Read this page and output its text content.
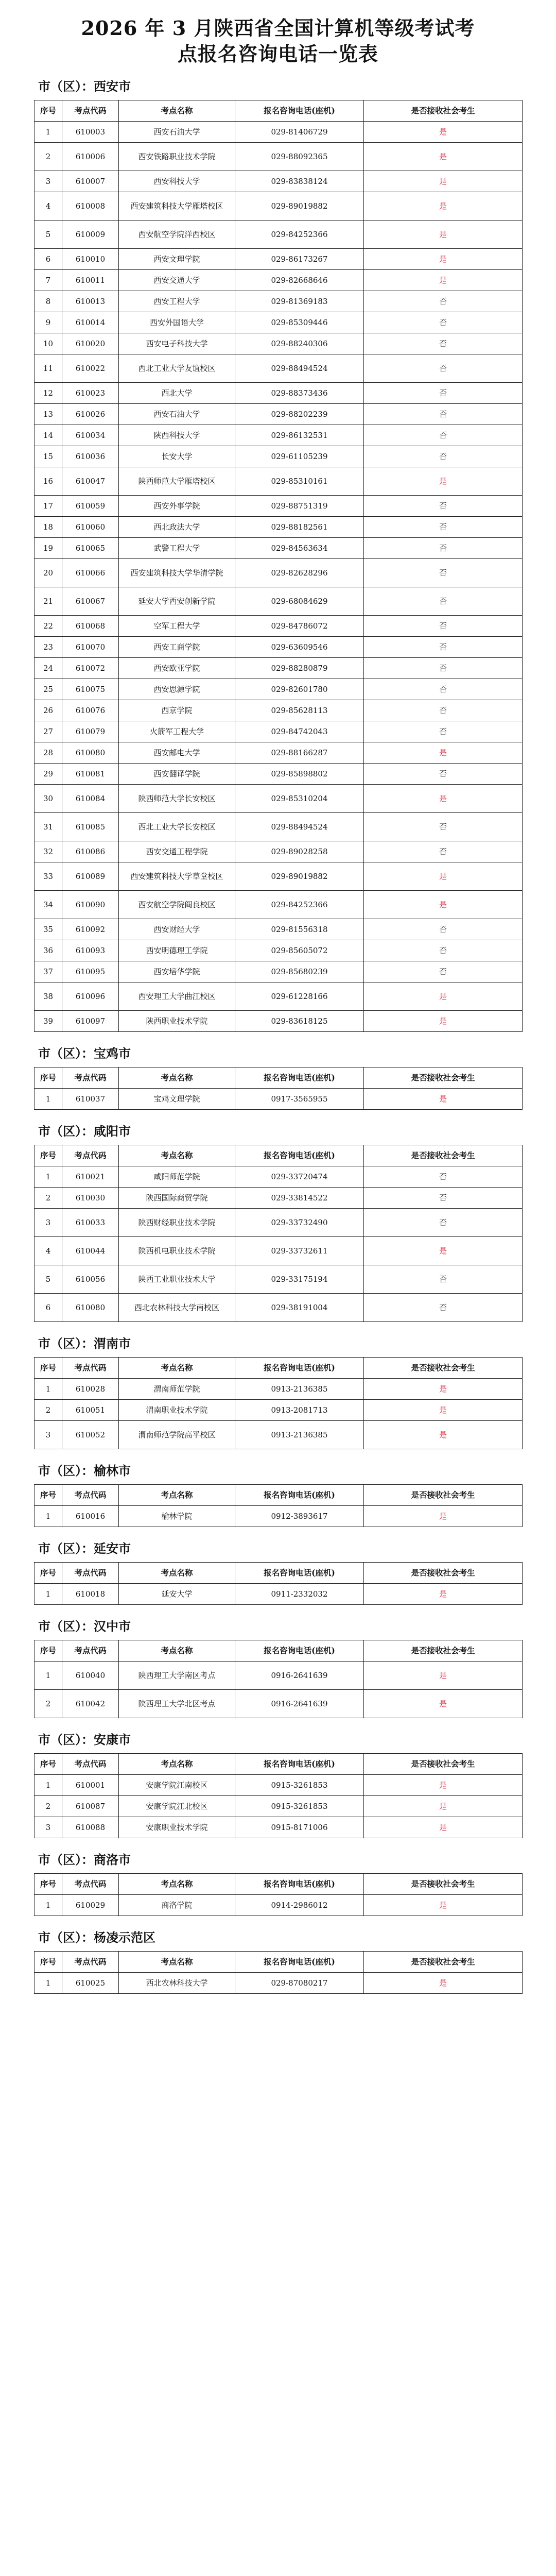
2026 年 3 月陕西省全国计算机等级考试考
点报名咨询电话一览表
市（区）：西安市
序号	考点代码	考点名称	报名咨询电话(座机)	是否接收社会考生
1	610003	西安石油大学	029-81406729	是
2	610006	西安铁路职业技术学院	029-88092365	是
3	610007	西安科技大学	029-83838124	是
4	610008	西安建筑科技大学雁塔校区	029-89019882	是
5	610009	西安航空学院洋西校区	029-84252366	是
6	610010	西安文理学院	029-86173267	是
7	610011	西安交通大学	029-82668646	是
8	610013	西安工程大学	029-81369183	否
9	610014	西安外国语大学	029-85309446	否
10	610020	西安电子科技大学	029-88240306	否
11	610022	西北工业大学友谊校区	029-88494524	否
12	610023	西北大学	029-88373436	否
13	610026	西安石油大学	029-88202239	否
14	610034	陕西科技大学	029-86132531	否
15	610036	长安大学	029-61105239	否
16	610047	陕西师范大学雁塔校区	029-85310161	是
17	610059	西安外事学院	029-88751319	否
18	610060	西北政法大学	029-88182561	否
19	610065	武警工程大学	029-84563634	否
20	610066	西安建筑科技大学华清学院	029-82628296	否
21	610067	延安大学西安创新学院	029-68084629	否
22	610068	空军工程大学	029-84786072	否
23	610070	西安工商学院	029-63609546	否
24	610072	西安欧亚学院	029-88280879	否
25	610075	西安思源学院	029-82601780	否
26	610076	西京学院	029-85628113	否
27	610079	火箭军工程大学	029-84742043	否
28	610080	西安邮电大学	029-88166287	是
29	610081	西安翻译学院	029-85898802	否
30	610084	陕西师范大学长安校区	029-85310204	是
31	610085	西北工业大学长安校区	029-88494524	否
32	610086	西安交通工程学院	029-89028258	否
33	610089	西安建筑科技大学草堂校区	029-89019882	是
34	610090	西安航空学院阎良校区	029-84252366	是
35	610092	西安财经大学	029-81556318	否
36	610093	西安明德理工学院	029-85605072	否
37	610095	西安培华学院	029-85680239	否
38	610096	西安理工大学曲江校区	029-61228166	是
39	610097	陕西职业技术学院	029-83618125	是
市（区）：宝鸡市
序号	考点代码	考点名称	报名咨询电话(座机)	是否接收社会考生
1	610037	宝鸡文理学院	0917-3565955	是
市（区）：咸阳市
序号	考点代码	考点名称	报名咨询电话(座机)	是否接收社会考生
1	610021	咸阳师范学院	029-33720474	否
2	610030	陕西国际商贸学院	029-33814522	否
3	610033	陕西财经职业技术学院	029-33732490	否
4	610044	陕西机电职业技术学院	029-33732611	是
5	610056	陕西工业职业技术大学	029-33175194	否
6	610080	西北农林科技大学南校区	029-38191004	否
市（区）：渭南市
序号	考点代码	考点名称	报名咨询电话(座机)	是否接收社会考生
1	610028	渭南师范学院	0913-2136385	是
2	610051	渭南职业技术学院	0913-2081713	是
3	610052	渭南师范学院高平校区	0913-2136385	是
市（区）：榆林市
序号	考点代码	考点名称	报名咨询电话(座机)	是否接收社会考生
1	610016	榆林学院	0912-3893617	是
市（区）：延安市
序号	考点代码	考点名称	报名咨询电话(座机)	是否接收社会考生
1	610018	延安大学	0911-2332032	是
市（区）：汉中市
序号	考点代码	考点名称	报名咨询电话(座机)	是否接收社会考生
1	610040	陕西理工大学南区考点	0916-2641639	是
2	610042	陕西理工大学北区考点	0916-2641639	是
市（区）：安康市
序号	考点代码	考点名称	报名咨询电话(座机)	是否接收社会考生
1	610001	安康学院江南校区	0915-3261853	是
2	610087	安康学院江北校区	0915-3261853	是
3	610088	安康职业技术学院	0915-8171006	是
市（区）：商洛市
序号	考点代码	考点名称	报名咨询电话(座机)	是否接收社会考生
1	610029	商洛学院	0914-2986012	是
市（区）：杨凌示范区
序号	考点代码	考点名称	报名咨询电话(座机)	是否接收社会考生
1	610025	西北农林科技大学	029-87080217	是
